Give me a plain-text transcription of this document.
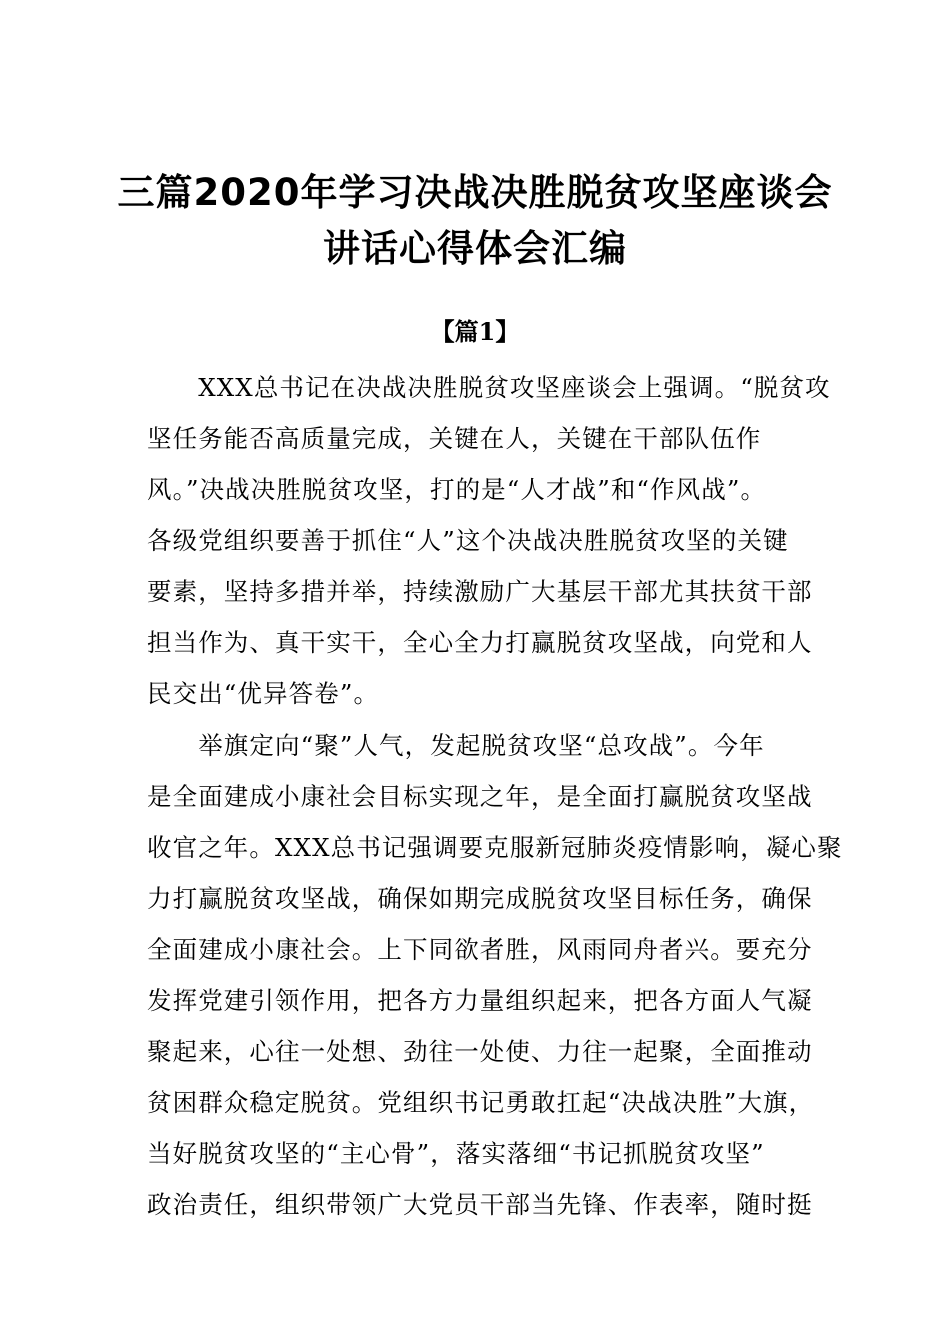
三篇2020年学习决战决胜脱贫攻坚座谈会
讲话心得体会汇编
【篇1】
　　XXX总书记在决战决胜脱贫攻坚座谈会上强调。“脱贫攻
坚任务能否高质量完成，关键在人，关键在干部队伍作
风。”决战决胜脱贫攻坚，打的是“人才战”和“作风战”。
各级党组织要善于抓住“人”这个决战决胜脱贫攻坚的关键
要素，坚持多措并举，持续激励广大基层干部尤其扶贫干部
担当作为、真干实干，全心全力打赢脱贫攻坚战，向党和人
民交出“优异答卷”。
　　举旗定向“聚”人气，发起脱贫攻坚“总攻战”。今年
是全面建成小康社会目标实现之年，是全面打赢脱贫攻坚战
收官之年。XXX总书记强调要克服新冠肺炎疫情影响，凝心聚
力打赢脱贫攻坚战，确保如期完成脱贫攻坚目标任务，确保
全面建成小康社会。上下同欲者胜，风雨同舟者兴。要充分
发挥党建引领作用，把各方力量组织起来，把各方面人气凝
聚起来，心往一处想、劲往一处使、力往一起聚，全面推动
贫困群众稳定脱贫。党组织书记勇敢扛起“决战决胜”大旗，
当好脱贫攻坚的“主心骨”，落实落细“书记抓脱贫攻坚”
政治责任，组织带领广大党员干部当先锋、作表率，随时挺
